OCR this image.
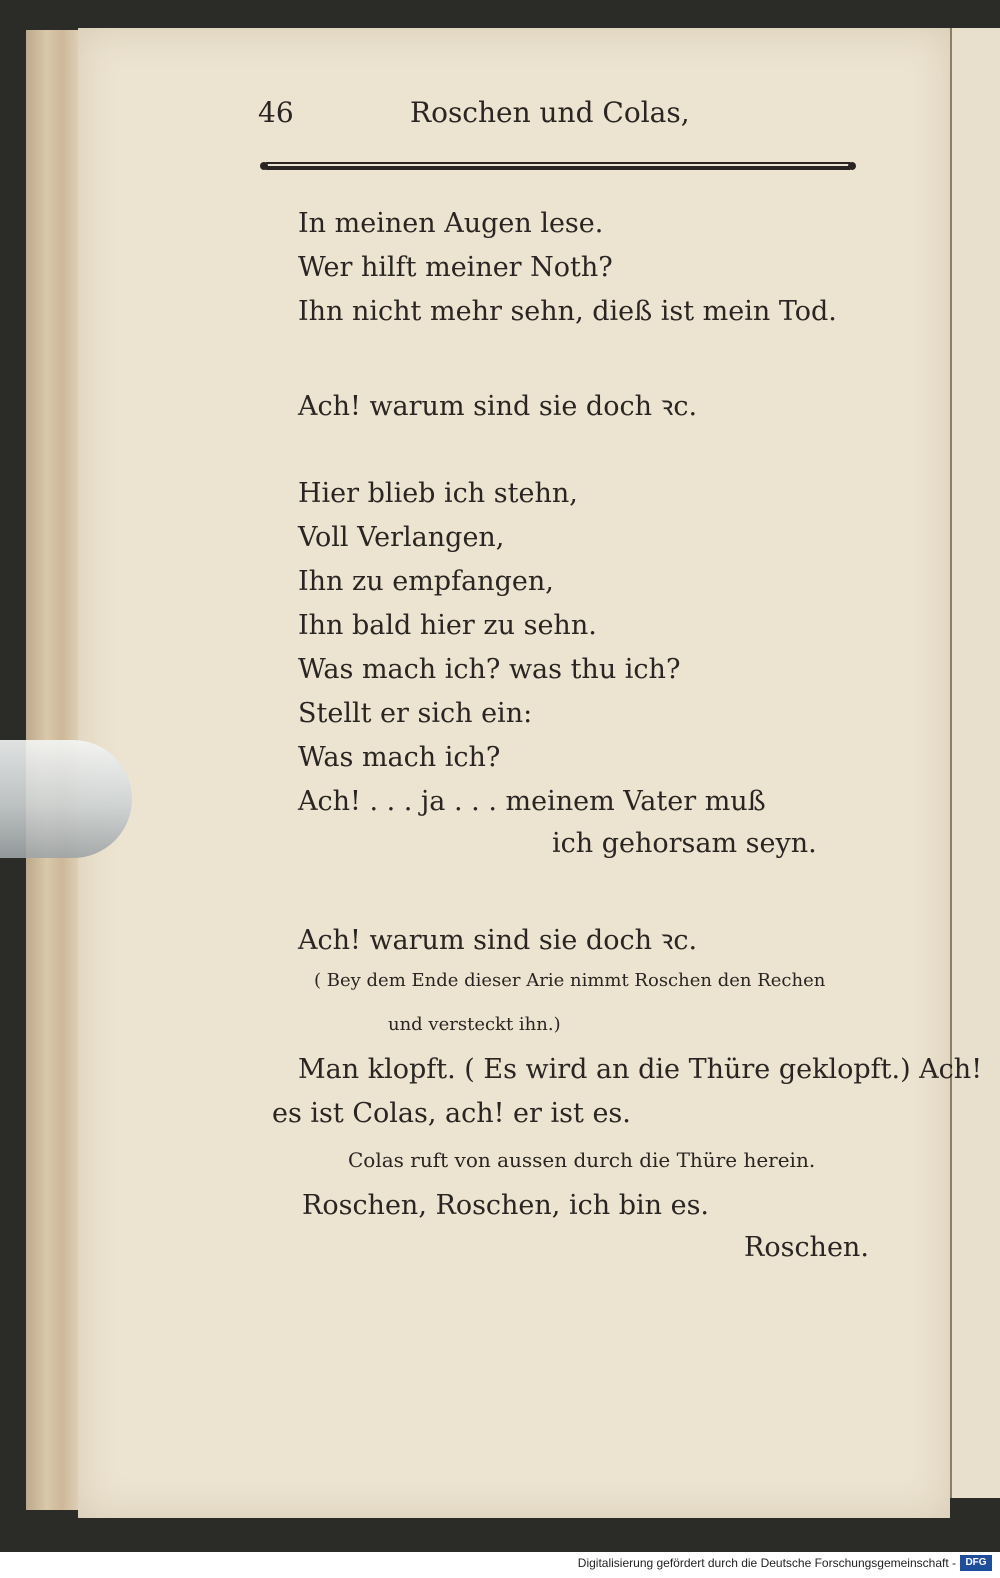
46	Roschen und Colas,
In meinen Augen lese.
Wer hilft meiner Noth?
Ihn nicht mehr sehn, dieß ist mein Tod.
Ach! warum sind sie doch ꝛc.
Hier blieb ich stehn,
Voll Verlangen,
Ihn zu empfangen,
Ihn bald hier zu sehn.
Was mach ich? was thu ich?
Stellt er sich ein:
Was mach ich?
Ach! . . . ja . . . meinem Vater muß
ich gehorsam seyn.
Ach! warum sind sie doch ꝛc.
( Bey dem Ende dieser Arie nimmt Roschen den Rechen
und versteckt ihn.)
Man klopft. ( Es wird an die Thüre geklopft.) Ach!
es ist Colas, ach! er ist es.
Colas ruft von aussen durch die Thüre herein.
Roschen, Roschen, ich bin es.
Roschen.
Digitalisierung gefördert durch die Deutsche Forschungsgemeinschaft - DFG
